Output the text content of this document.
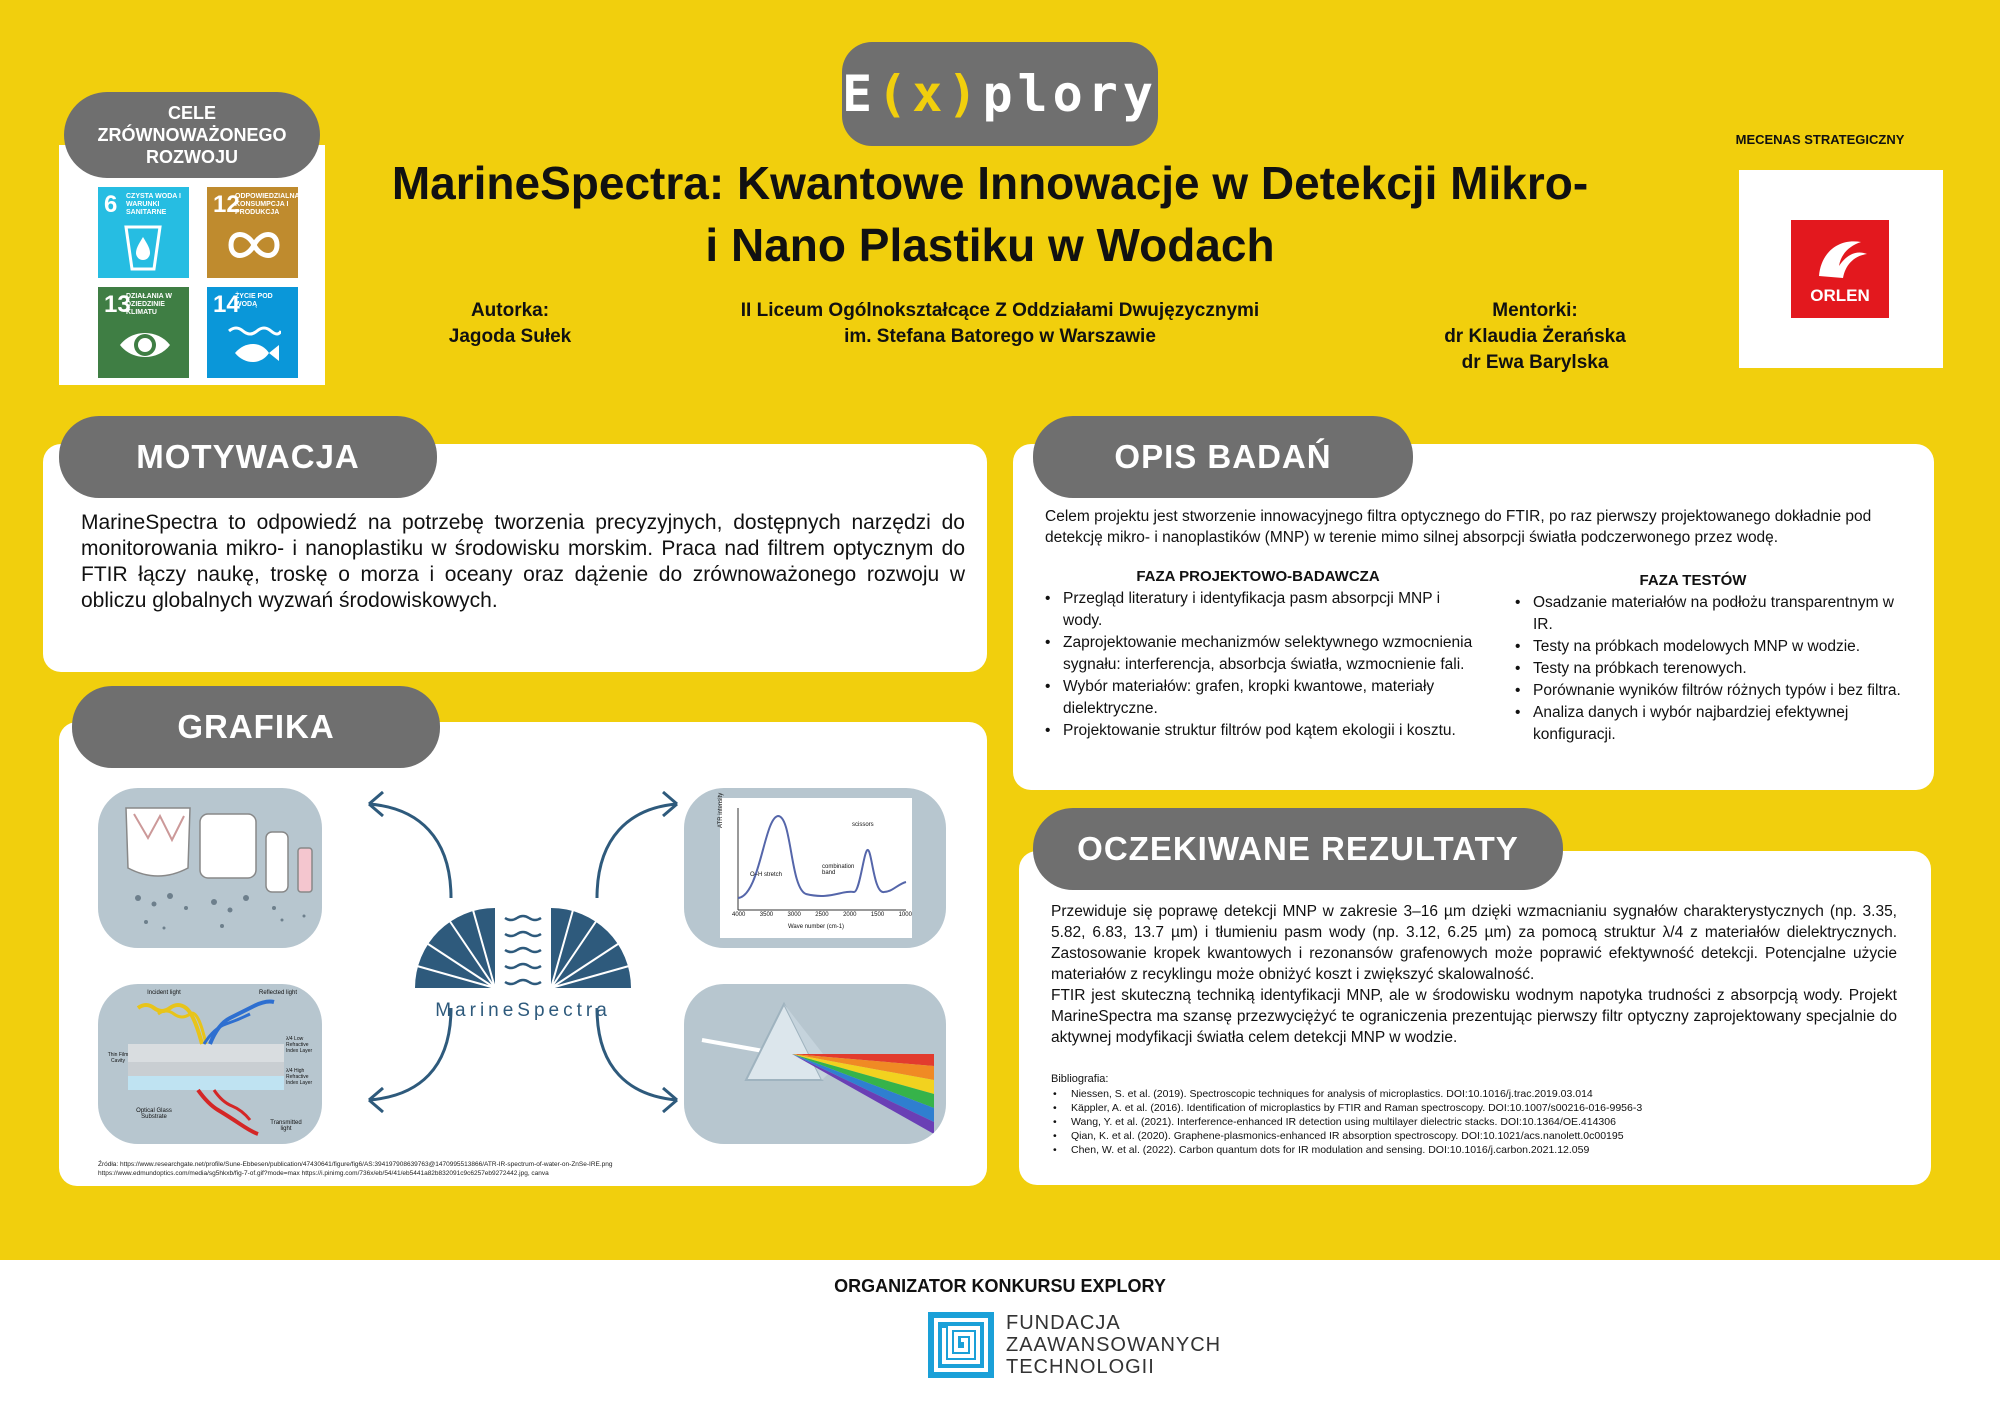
E ( x ) plory
MarineSpectra: Kwantowe Innowacje w Detekcji Mikro-
i Nano Plastiku w Wodach
Autorka:
Jagoda Sułek
II Liceum Ogólnokształcące Z Oddziałami Dwujęzycznymi
im. Stefana Batorego w Warszawie
Mentorki:
dr Klaudia Żerańska
dr Ewa Barylska
6 CZYSTA WODA I WARUNKI SANITARNE	12
ODPOWIEDZIALNA KONSUMPCJA I PRODUKCJA
13
DZIAŁANIA W DZIEDZINIE KLIMATU	14
ŻYCIE POD WODĄ
CELE
ZRÓWNOWAŻONEGO
ROZWOJU
MECENAS STRATEGICZNY
ORLEN
MarineSpectra to odpowiedź na potrzebę tworzenia precyzyjnych, dostępnych narzędzi do monitorowania mikro- i nanoplastiku w środowisku morskim. Praca nad filtrem optycznym do FTIR łączy naukę, troskę o morza i oceany oraz dążenie do zrównoważonego rozwoju w obliczu globalnych wyzwań środowiskowych.
MOTYWACJA
ATR intensity
O–H stretch
combination band
scissors
4000 3500 3000 2500 2000 1500 1000
Wave number (cm-1)
Incident light	Reflected light
Thin Film Cavity
λ/4 Low Refractive Index Layer
λ/4 High Refractive Index Layer
Optical Glass Substrate
Transmitted light
MarineSpectra
Źródła: https://www.researchgate.net/profile/Sune-Ebbesen/publication/47430641/figure/fig6/AS:394197908639763@1470995513866/ATR-IR-spectrum-of-water-on-ZnSe-IRE.png
https://www.edmundoptics.com/media/sg5hkxb/fig-7-of.gif?mode=max https://i.pinimg.com/736x/eb/54/41/eb5441a82b832091c9c6257eb9272442.jpg, canva
GRAFIKA
Celem projektu jest stworzenie innowacyjnego filtra optycznego do FTIR, po raz pierwszy projektowanego dokładnie pod detekcję mikro- i nanoplastików (MNP) w terenie mimo silnej absorpcji światła podczerwonego przez wodę.
FAZA PROJEKTOWO-BADAWCZA
• Przegląd literatury i identyfikacja pasm absorpcji MNP i wody.
• Zaprojektowanie mechanizmów selektywnego wzmocnienia sygnału: interferencja, absorbcja światła, wzmocnienie fali.
• Wybór materiałów: grafen, kropki kwantowe, materiały dielektryczne.
• Projektowanie struktur filtrów pod kątem ekologii i kosztu.
FAZA TESTÓW
• Osadzanie materiałów na podłożu transparentnym w IR.
• Testy na próbkach modelowych MNP w wodzie.
• Testy na próbkach terenowych.
• Porównanie wyników filtrów różnych typów i bez filtra.
• Analiza danych i wybór najbardziej efektywnej konfiguracji.
OPIS BADAŃ
Przewiduje się poprawę detekcji MNP w zakresie 3–16 µm dzięki wzmacnianiu sygnałów charakterystycznych (np. 3.35, 5.82, 6.83, 13.7 µm) i tłumieniu pasm wody (np. 3.12, 6.25 µm) za pomocą struktur λ/4 z materiałów dielektrycznych. Zastosowanie kropek kwantowych i rezonansów grafenowych może poprawić efektywność detekcji. Potencjalne użycie materiałów z recyklingu może obniżyć koszt i zwiększyć skalowalność.
FTIR jest skuteczną techniką identyfikacji MNP, ale w środowisku wodnym napotyka trudności z absorpcją wody. Projekt MarineSpectra ma szansę przezwyciężyć te ograniczenia prezentując pierwszy filtr optyczny zaprojektowany specjalnie do aktywnej modyfikacji światła celem detekcji MNP w wodzie.
Bibliografia:
• Niessen, S. et al. (2019). Spectroscopic techniques for analysis of microplastics. DOI:10.1016/j.trac.2019.03.014
• Käppler, A. et al. (2016). Identification of microplastics by FTIR and Raman spectroscopy. DOI:10.1007/s00216-016-9956-3
• Wang, Y. et al. (2021). Interference-enhanced IR detection using multilayer dielectric stacks. DOI:10.1364/OE.414306
• Qian, K. et al. (2020). Graphene-plasmonics-enhanced IR absorption spectroscopy. DOI:10.1021/acs.nanolett.0c00195
• Chen, W. et al. (2022). Carbon quantum dots for IR modulation and sensing. DOI:10.1016/j.carbon.2021.12.059
OCZEKIWANE REZULTATY
ORGANIZATOR KONKURSU EXPLORY
FUNDACJA
ZAAWANSOWANYCH
TECHNOLOGII
